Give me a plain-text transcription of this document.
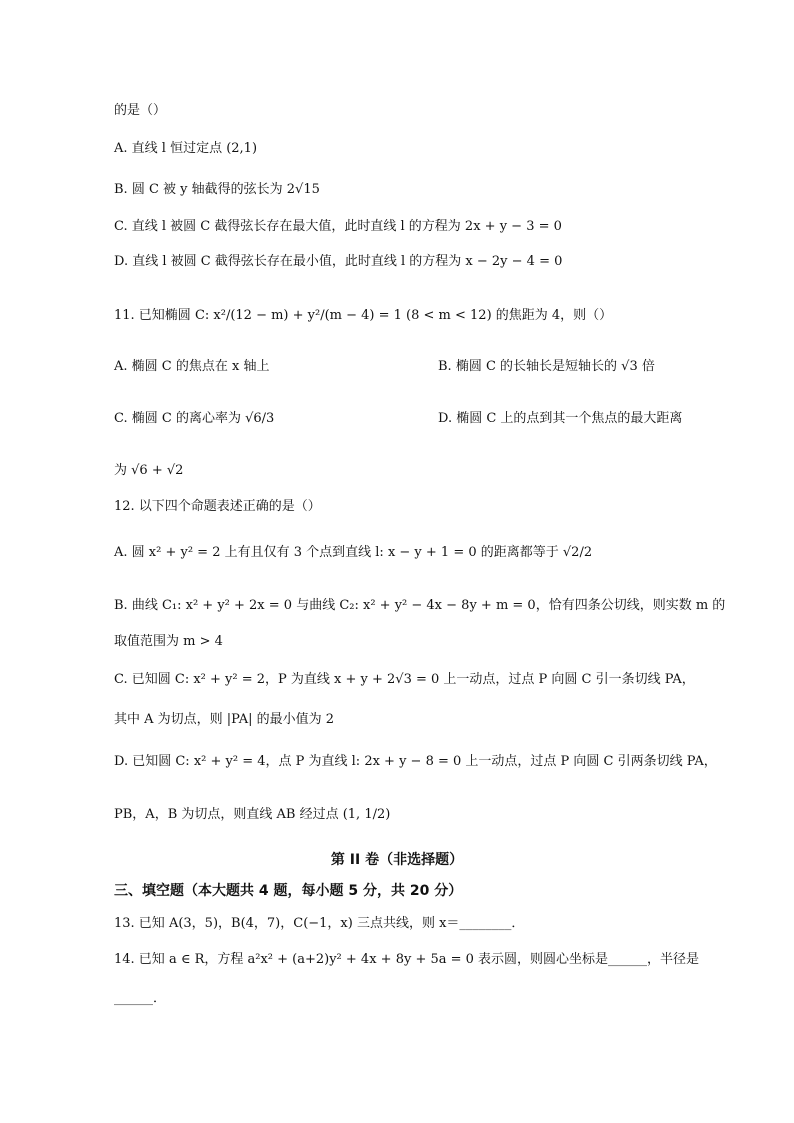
的是（）
A. 直线 l 恒过定点 (2,1)
B. 圆 C 被 y 轴截得的弦长为 2√15
C. 直线 l 被圆 C 截得弦长存在最大值，此时直线 l 的方程为 2x + y − 3 = 0
D. 直线 l 被圆 C 截得弦长存在最小值，此时直线 l 的方程为 x − 2y − 4 = 0
11. 已知椭圆 C: x²/(12 − m) + y²/(m − 4) = 1 (8 < m < 12) 的焦距为 4，则（）
A. 椭圆 C 的焦点在 x 轴上	B. 椭圆 C 的长轴长是短轴长的 √3 倍
C. 椭圆 C 的离心率为 √6/3	D. 椭圆 C 上的点到其一个焦点的最大距离
为 √6 + √2
12. 以下四个命题表述正确的是（）
A. 圆 x² + y² = 2 上有且仅有 3 个点到直线 l: x − y + 1 = 0 的距离都等于 √2/2
B. 曲线 C₁: x² + y² + 2x = 0 与曲线 C₂: x² + y² − 4x − 8y + m = 0，恰有四条公切线，则实数 m 的
取值范围为 m > 4
C. 已知圆 C: x² + y² = 2，P 为直线 x + y + 2√3 = 0 上一动点，过点 P 向圆 C 引一条切线 PA，
其中 A 为切点，则 |PA| 的最小值为 2
D. 已知圆 C: x² + y² = 4，点 P 为直线 l: 2x + y − 8 = 0 上一动点，过点 P 向圆 C 引两条切线 PA，
PB，A，B 为切点，则直线 AB 经过点 (1, 1/2)
第 II 卷（非选择题）
三、填空题（本大题共 4 题，每小题 5 分，共 20 分）
13. 已知 A(3，5)，B(4，7)，C(−1，x) 三点共线，则 x＝________．
14. 已知 a ∈ R，方程 a²x² + (a+2)y² + 4x + 8y + 5a = 0 表示圆，则圆心坐标是______，半径是
______．
